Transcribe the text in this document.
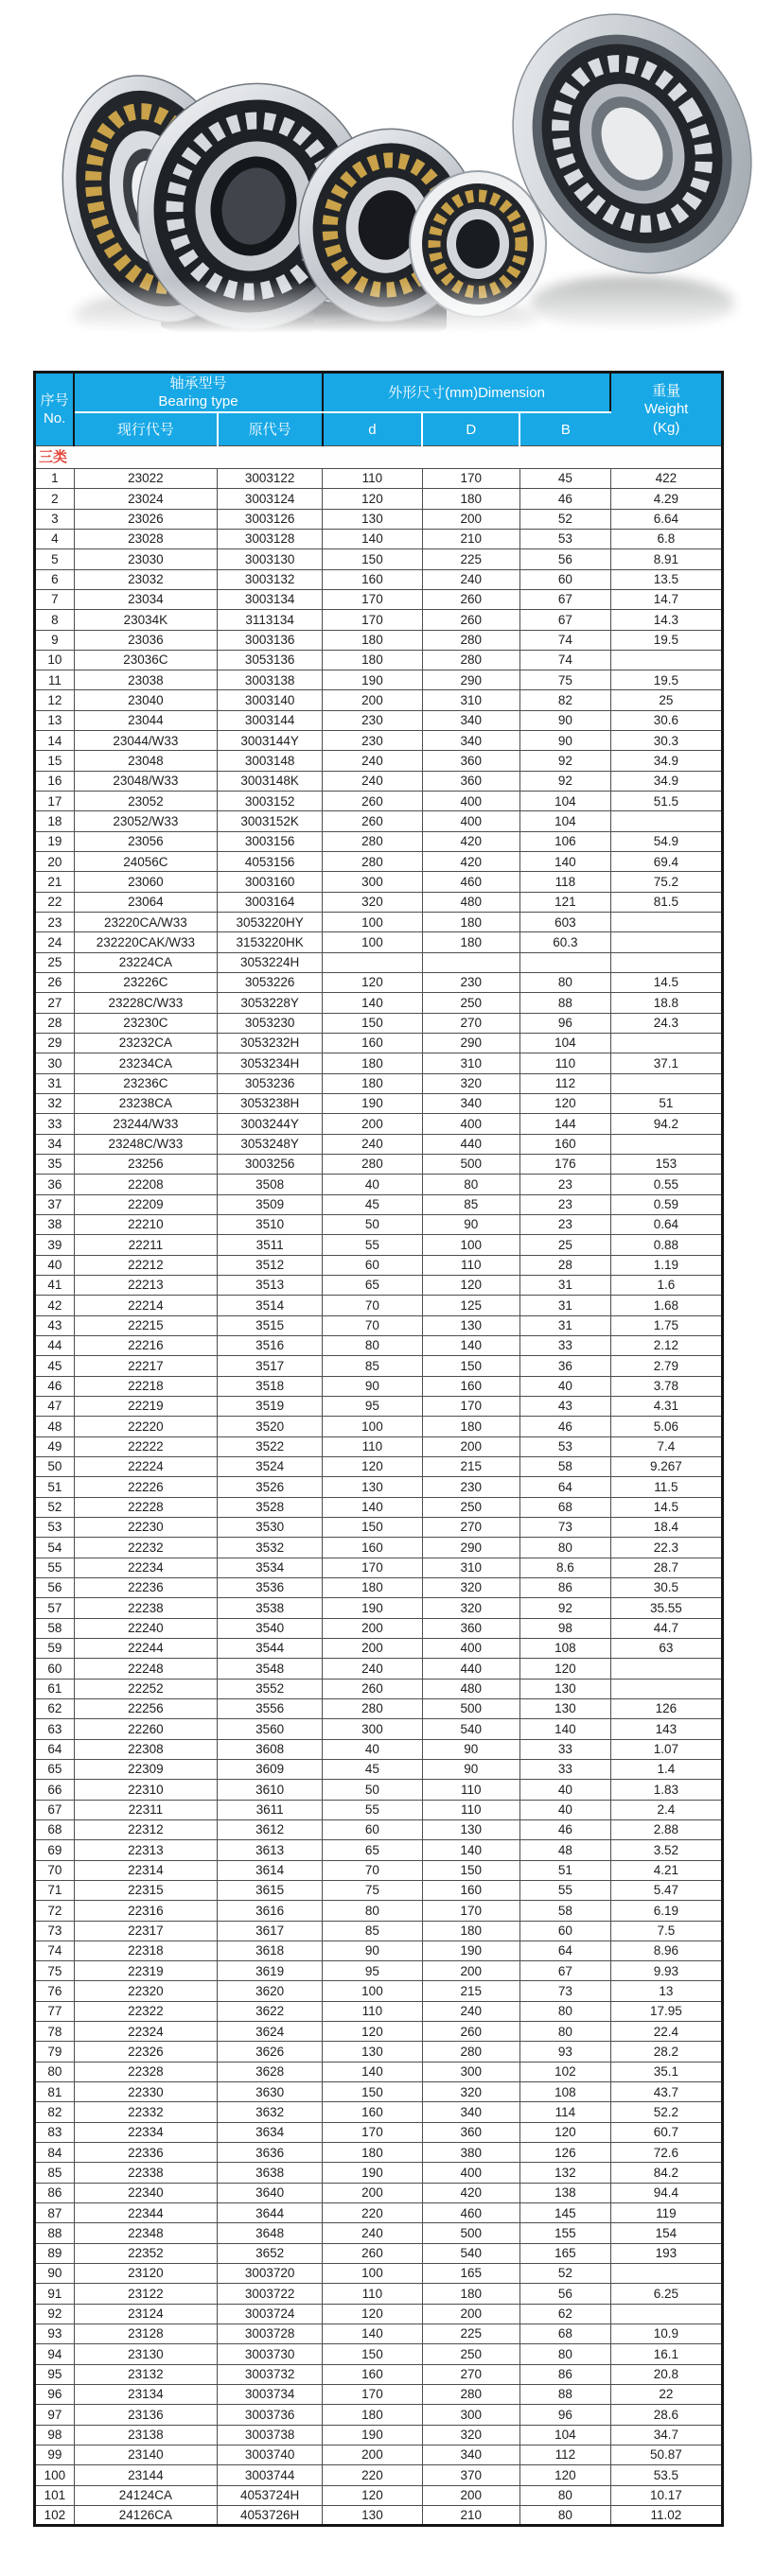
序号
No.

轴承型号
Bearing type

外形尺寸(mm)Dimension	重量
Weight
(Kg)

	现行代号	原代号	d	D	B	
三类						
1	23022	3003122	110	170	45	422
2	23024	3003124	120	180	46	4.29
3	23026	3003126	130	200	52	6.64
4	23028	3003128	140	210	53	6.8
5	23030	3003130	150	225	56	8.91
6	23032	3003132	160	240	60	13.5
7	23034	3003134	170	260	67	14.7
8	23034K	3113134	170	260	67	14.3
9	23036	3003136	180	280	74	19.5
10	23036C	3053136	180	280	74	
11	23038	3003138	190	290	75	19.5
12	23040	3003140	200	310	82	25
13	23044	3003144	230	340	90	30.6
14	23044/W33	3003144Y	230	340	90	30.3
15	23048	3003148	240	360	92	34.9
16	23048/W33	3003148K	240	360	92	34.9
17	23052	3003152	260	400	104	51.5
18	23052/W33	3003152K	260	400	104	
19	23056	3003156	280	420	106	54.9
20	24056C	4053156	280	420	140	69.4
21	23060	3003160	300	460	118	75.2
22	23064	3003164	320	480	121	81.5
23	23220CA/W33	3053220HY	100	180	603	
24	232220CAK/W33	3153220HK	100	180	60.3	
25	23224CA	3053224H				
26	23226C	3053226	120	230	80	14.5
27	23228C/W33	3053228Y	140	250	88	18.8
28	23230C	3053230	150	270	96	24.3
29	23232CA	3053232H	160	290	104	
30	23234CA	3053234H	180	310	110	37.1
31	23236C	3053236	180	320	112	
32	23238CA	3053238H	190	340	120	51
33	23244/W33	3003244Y	200	400	144	94.2
34	23248C/W33	3053248Y	240	440	160	
35	23256	3003256	280	500	176	153
36	22208	3508	40	80	23	0.55
37	22209	3509	45	85	23	0.59
38	22210	3510	50	90	23	0.64
39	22211	3511	55	100	25	0.88
40	22212	3512	60	110	28	1.19
41	22213	3513	65	120	31	1.6
42	22214	3514	70	125	31	1.68
43	22215	3515	70	130	31	1.75
44	22216	3516	80	140	33	2.12
45	22217	3517	85	150	36	2.79
46	22218	3518	90	160	40	3.78
47	22219	3519	95	170	43	4.31
48	22220	3520	100	180	46	5.06
49	22222	3522	110	200	53	7.4
50	22224	3524	120	215	58	9.267
51	22226	3526	130	230	64	11.5
52	22228	3528	140	250	68	14.5
53	22230	3530	150	270	73	18.4
54	22232	3532	160	290	80	22.3
55	22234	3534	170	310	8.6	28.7
56	22236	3536	180	320	86	30.5
57	22238	3538	190	320	92	35.55
58	22240	3540	200	360	98	44.7
59	22244	3544	200	400	108	63
60	22248	3548	240	440	120	
61	22252	3552	260	480	130	
62	22256	3556	280	500	130	126
63	22260	3560	300	540	140	143
64	22308	3608	40	90	33	1.07
65	22309	3609	45	90	33	1.4
66	22310	3610	50	110	40	1.83
67	22311	3611	55	110	40	2.4
68	22312	3612	60	130	46	2.88
69	22313	3613	65	140	48	3.52
70	22314	3614	70	150	51	4.21
71	22315	3615	75	160	55	5.47
72	22316	3616	80	170	58	6.19
73	22317	3617	85	180	60	7.5
74	22318	3618	90	190	64	8.96
75	22319	3619	95	200	67	9.93
76	22320	3620	100	215	73	13
77	22322	3622	110	240	80	17.95
78	22324	3624	120	260	80	22.4
79	22326	3626	130	280	93	28.2
80	22328	3628	140	300	102	35.1
81	22330	3630	150	320	108	43.7
82	22332	3632	160	340	114	52.2
83	22334	3634	170	360	120	60.7
84	22336	3636	180	380	126	72.6
85	22338	3638	190	400	132	84.2
86	22340	3640	200	420	138	94.4
87	22344	3644	220	460	145	119
88	22348	3648	240	500	155	154
89	22352	3652	260	540	165	193
90	23120	3003720	100	165	52	
91	23122	3003722	110	180	56	6.25
92	23124	3003724	120	200	62	
93	23128	3003728	140	225	68	10.9
94	23130	3003730	150	250	80	16.1
95	23132	3003732	160	270	86	20.8
96	23134	3003734	170	280	88	22
97	23136	3003736	180	300	96	28.6
98	23138	3003738	190	320	104	34.7
99	23140	3003740	200	340	112	50.87
100	23144	3003744	220	370	120	53.5
101	24124CA	4053724H	120	200	80	10.17
102	24126CA	4053726H	130	210	80	11.02
